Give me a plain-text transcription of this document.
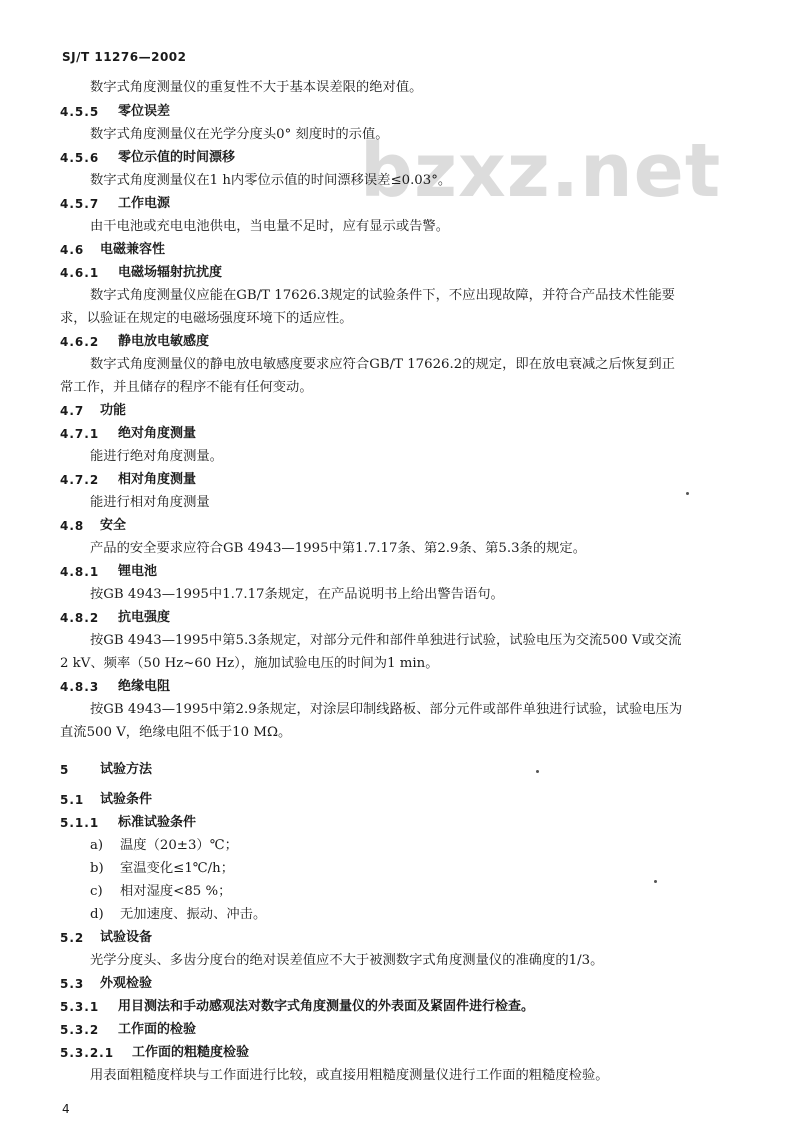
SJ/T 11276—2002
bzxz.net
数字式角度测量仪的重复性不大于基本误差限的绝对值。
4.5.5 零位误差
数字式角度测量仪在光学分度头0° 刻度时的示值。
4.5.6 零位示值的时间漂移
数字式角度测量仪在1 h内零位示值的时间漂移误差≤0.03°。
4.5.7 工作电源
由干电池或充电电池供电，当电量不足时，应有显示或告警。
4.6 电磁兼容性
4.6.1 电磁场辐射抗扰度
数字式角度测量仪应能在GB/T 17626.3规定的试验条件下，不应出现故障，并符合产品技术性能要
求，以验证在规定的电磁场强度环境下的适应性。
4.6.2 静电放电敏感度
数字式角度测量仪的静电放电敏感度要求应符合GB/T 17626.2的规定，即在放电衰减之后恢复到正
常工作，并且储存的程序不能有任何变动。
4.7 功能
4.7.1 绝对角度测量
能进行绝对角度测量。
4.7.2 相对角度测量
能进行相对角度测量
4.8 安全
产品的安全要求应符合GB 4943—1995中第1.7.17条、第2.9条、第5.3条的规定。
4.8.1 锂电池
按GB 4943—1995中1.7.17条规定，在产品说明书上给出警告语句。
4.8.2 抗电强度
按GB 4943—1995中第5.3条规定，对部分元件和部件单独进行试验，试验电压为交流500 V或交流
2 kV、频率（50 Hz~60 Hz），施加试验电压的时间为1 min。
4.8.3 绝缘电阻
按GB 4943—1995中第2.9条规定，对涂层印制线路板、部分元件或部件单独进行试验，试验电压为
直流500 V，绝缘电阻不低于10 MΩ。
5 试验方法
5.1 试验条件
5.1.1 标准试验条件
a) 温度（20±3）℃；
b) 室温变化≤1℃/h；
c) 相对湿度<85 %；
d) 无加速度、振动、冲击。
5.2 试验设备
光学分度头、多齿分度台的绝对误差值应不大于被测数字式角度测量仪的准确度的1/3。
5.3 外观检验
5.3.1 用目测法和手动感观法对数字式角度测量仪的外表面及紧固件进行检查。
5.3.2 工作面的检验
5.3.2.1 工作面的粗糙度检验
用表面粗糙度样块与工作面进行比较，或直接用粗糙度测量仪进行工作面的粗糙度检验。
4
